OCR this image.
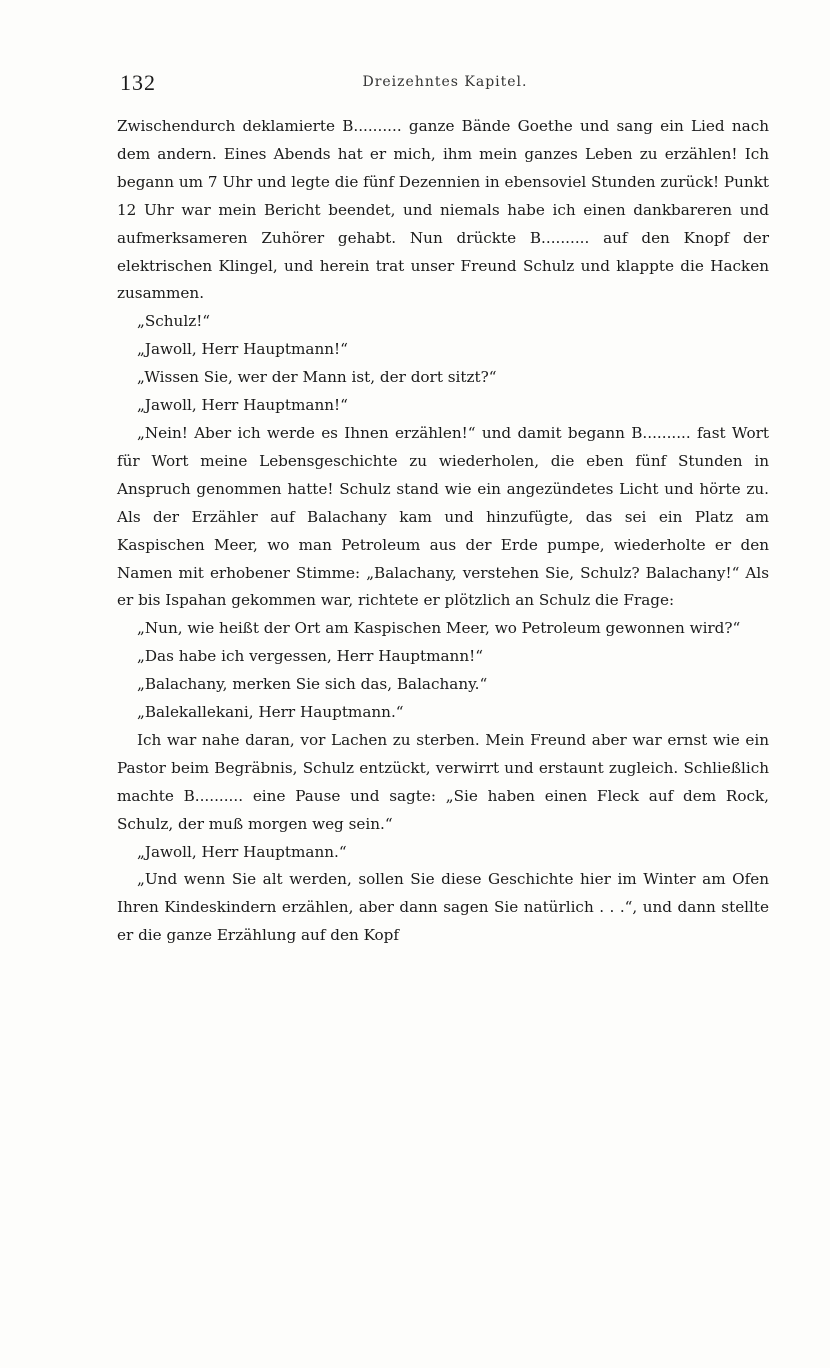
132	Dreizehntes Kapitel.

Zwischendurch deklamierte B.......... ganze Bände Goethe und sang ein Lied nach dem andern. Eines Abends hat er mich, ihm mein ganzes Leben zu erzählen! Ich begann um 7 Uhr und legte die fünf Dezennien in ebensoviel Stunden zurück! Punkt 12 Uhr war mein Bericht beendet, und niemals habe ich einen dankbareren und aufmerksameren Zuhörer gehabt. Nun drückte B.......... auf den Knopf der elektrischen Klingel, und herein trat unser Freund Schulz und klappte die Hacken zusammen.

„Schulz!“

„Jawoll, Herr Hauptmann!“

„Wissen Sie, wer der Mann ist, der dort sitzt?“

„Jawoll, Herr Hauptmann!“

„Nein! Aber ich werde es Ihnen erzählen!“ und damit begann B.......... fast Wort für Wort meine Lebensgeschichte zu wiederholen, die eben fünf Stunden in Anspruch genommen hatte! Schulz stand wie ein angezündetes Licht und hörte zu. Als der Erzähler auf Balachany kam und hinzufügte, das sei ein Platz am Kaspischen Meer, wo man Petroleum aus der Erde pumpe, wiederholte er den Namen mit erhobener Stimme: „Balachany, verstehen Sie, Schulz? Balachany!“ Als er bis Ispahan gekommen war, richtete er plötzlich an Schulz die Frage:

„Nun, wie heißt der Ort am Kaspischen Meer, wo Petroleum gewonnen wird?“

„Das habe ich vergessen, Herr Hauptmann!“

„Balachany, merken Sie sich das, Balachany.“

„Balekallekani, Herr Hauptmann.“

Ich war nahe daran, vor Lachen zu sterben. Mein Freund aber war ernst wie ein Pastor beim Begräbnis, Schulz entzückt, verwirrt und erstaunt zugleich. Schließlich machte B.......... eine Pause und sagte: „Sie haben einen Fleck auf dem Rock, Schulz, der muß morgen weg sein.“

„Jawoll, Herr Hauptmann.“

„Und wenn Sie alt werden, sollen Sie diese Geschichte hier im Winter am Ofen Ihren Kindeskindern erzählen, aber dann sagen Sie natürlich . . .“, und dann stellte er die ganze Erzählung auf den Kopf
